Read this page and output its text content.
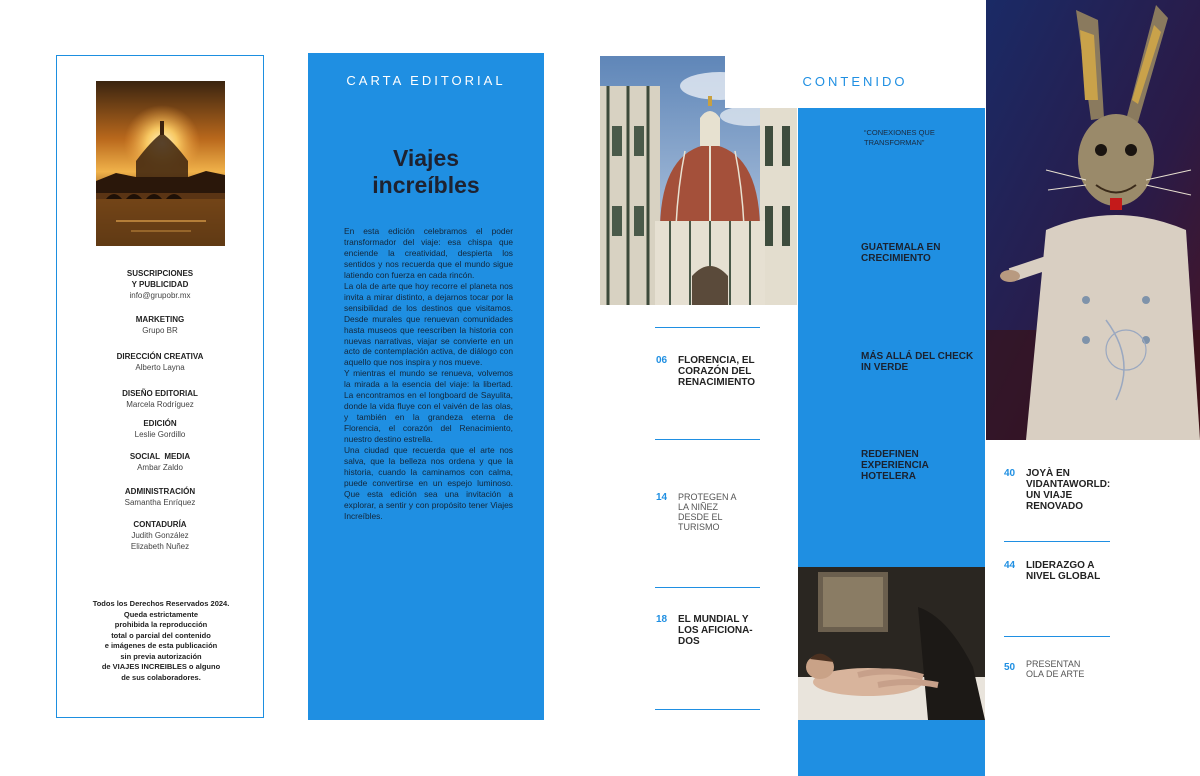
SUSCRIPCIONES
Y PUBLICIDAD
info@grupobr.mx
MARKETING
Grupo BR
DIRECCIÓN CREATIVA
Alberto Layna
DISEÑO EDITORIAL
Marcela Rodríguez
EDICIÓN
Leslie Gordillo
SOCIAL  MEDIA
Ambar Zaldo
ADMINISTRACIÓN
Samantha Enríquez
CONTADURÍA
Judith González
Elizabeth Nuñez
Todos los Derechos Reservados 2024.
Queda estrictamente
prohibida la reproducción
total o parcial del contenido
e imágenes de esta publicación
sin previa autorización
de VIAJES INCREIBLES o alguno
de sus colaboradores.
CARTA EDITORIAL
Viajes
increíbles

En esta edición celebramos el poder transformador del viaje: esa chispa que enciende la creatividad, despierta los sentidos y nos recuerda que el mundo sigue latiendo con fuerza en cada rincón.

La ola de arte que hoy recorre el planeta nos invita a mirar distinto, a dejarnos tocar por la sensibilidad de los destinos que visitamos. Desde murales que renuevan comunidades hasta museos que reescriben la historia con nuevas narrativas, viajar se convierte en un acto de contemplación activa, de diálogo con aquello que nos inspira y nos mueve.

Y mientras el mundo se renueva, volvemos la mirada a la esencia del viaje: la libertad. La encontramos en el longboard de Sayulita, donde la vida fluye con el vaivén de las olas, y también en la grandeza eterna de Florencia, el corazón del Renacimiento, nuestro destino estrella.

Una ciudad que recuerda que el arte nos salva, que la belleza nos ordena y que la historia, cuando la caminamos con calma, puede convertirse en un espejo luminoso. Que esta edición sea una invitación a explorar, a sentir y con propósito tener Viajes Increíbles.

06 FLORENCIA, EL CORAZÓN DEL RENACIMIENTO
14 PROTEGEN A LA NIÑEZ DESDE EL TURISMO
18 EL MUNDIAL Y LOS AFICIONA-DOS
“CONEXIONES QUE TRANSFORMAN”
GUATEMALA EN CRECIMIENTO
MÁS ALLÁ DEL CHECK IN VERDE
REDEFINEN EXPERIENCIA HOTELERA
CONTENIDO
40 JOYÀ EN VIDANTAWORLD: UN VIAJE RENOVADO
44 LIDERAZGO A NIVEL GLOBAL
50 PRESENTAN OLA DE ARTE
